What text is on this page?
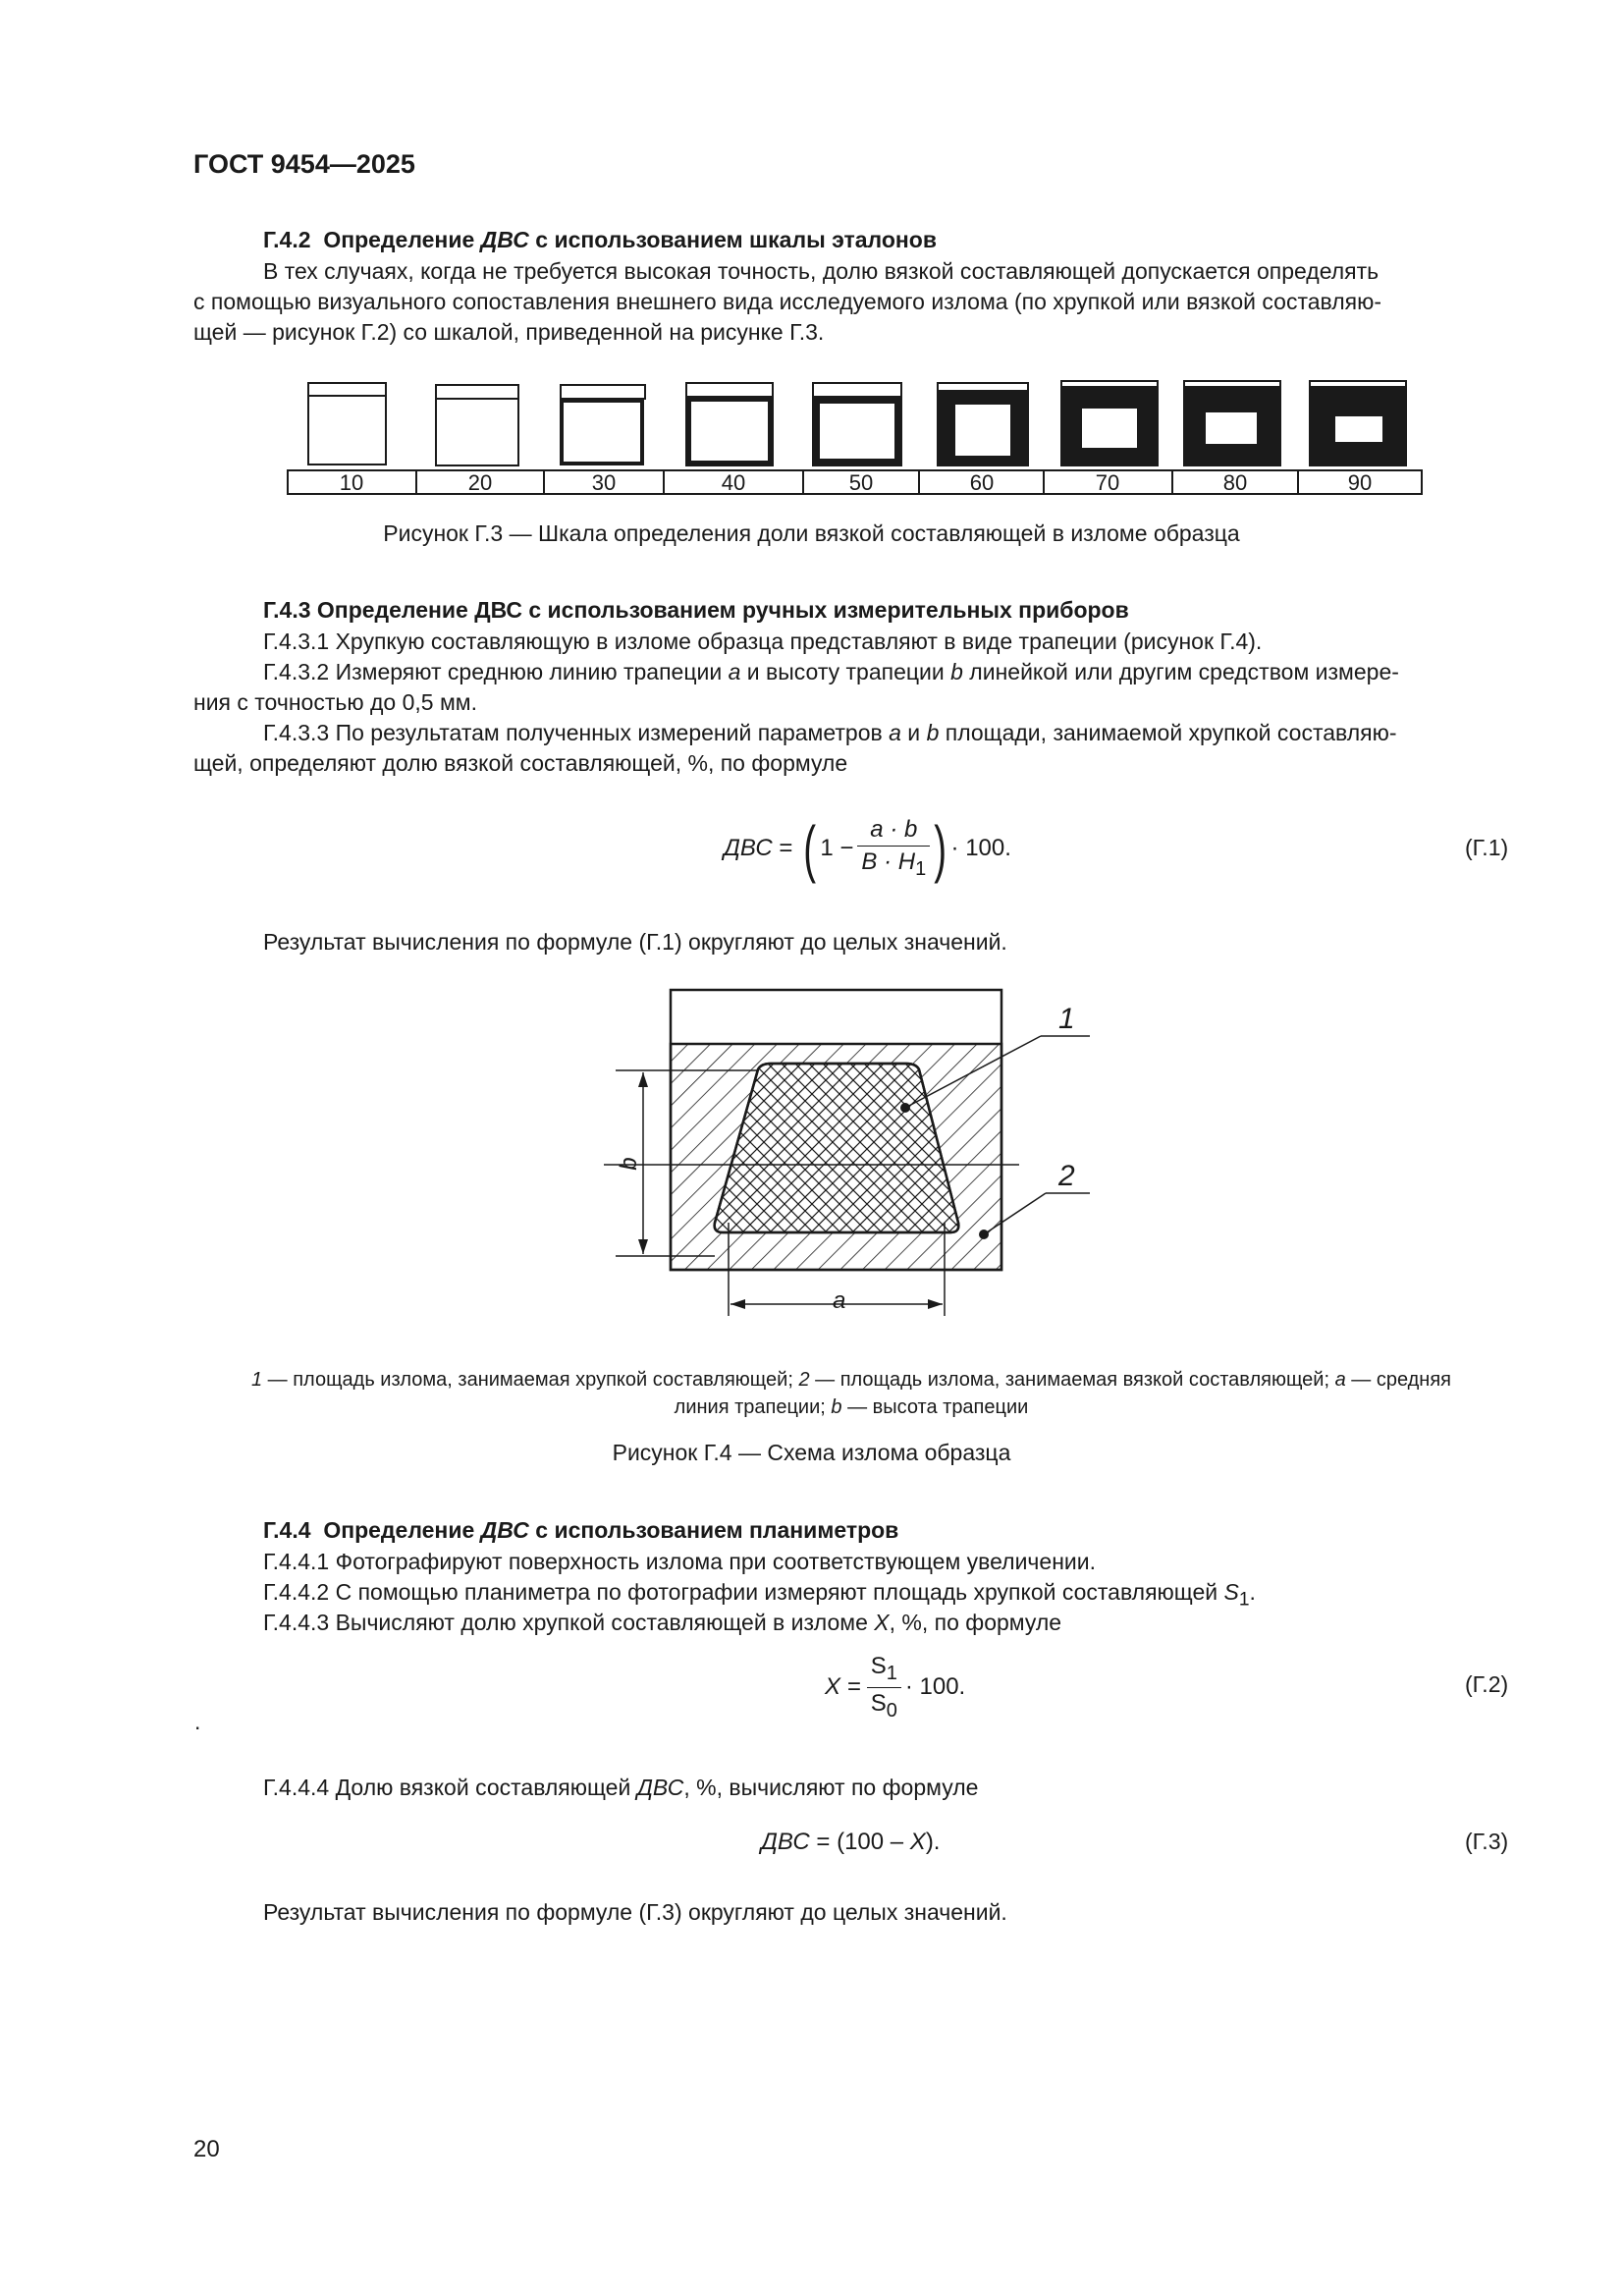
ГОСТ 9454—2025
Г.4.2 Определение ДВС с использованием шкалы эталонов
В тех случаях, когда не требуется высокая точность, долю вязкой составляющей допускается определять
с помощью визуального сопоставления внешнего вида исследуемого излома (по хрупкой или вязкой составляю-
щей — рисунок Г.2) со шкалой, приведенной на рисунке Г.3.
10	20	30	40	50	60	70	80	90
Рисунок Г.3 — Шкала определения доли вязкой составляющей в изломе образца
Г.4.3 Определение ДВС с использованием ручных измерительных приборов
Г.4.3.1 Хрупкую составляющую в изломе образца представляют в виде трапеции (рисунок Г.4).
Г.4.3.2 Измеряют среднюю линию трапеции a и высоту трапеции b линейкой или другим средством измере-
ния с точностью до 0,5 мм.
Г.4.3.3 По результатам полученных измерений параметров a и b площади, занимаемой хрупкой составляю-
щей, определяют долю вязкой составляющей, %, по формуле
ДВС = ( $1 - \frac{a \cdot b}{B \cdot H_1}$ ) · 100.	(Г.1)
Результат вычисления по формуле (Г.1) округляют до целых значений.
1
2
a
b
1 — площадь излома, занимаемая хрупкой составляющей; 2 — площадь излома, занимаемая вязкой составляющей; a — средняя
линия трапеции; b — высота трапеции
Рисунок Г.4 — Схема излома образца
Г.4.4 Определение ДВС с использованием планиметров
Г.4.4.1 Фотографируют поверхность излома при соответствующем увеличении.
Г.4.4.2 С помощью планиметра по фотографии измеряют площадь хрупкой составляющей $S_1$.
Г.4.4.3 Вычисляют долю хрупкой составляющей в изломе X, %, по формуле
$X = \frac{S_1}{S_0} \cdot 100$.	(Г.2)
.
Г.4.4.4 Долю вязкой составляющей ДВС, %, вычисляют по формуле
ДВС = (100 – X).	(Г.3)
Результат вычисления по формуле (Г.3) округляют до целых значений.
20
